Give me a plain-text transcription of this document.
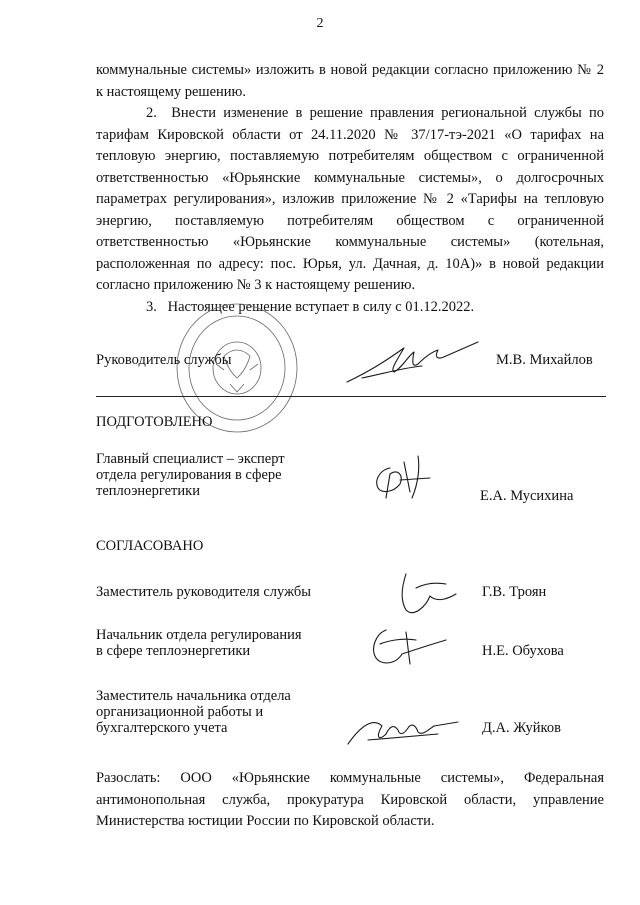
2
коммунальные системы» изложить в новой редакции согласно приложению № 2 к настоящему решению.
2. Внести изменение в решение правления региональной службы по тарифам Кировской области от 24.11.2020 № 37/17-тэ-2021 «О тарифах на тепловую энергию, поставляемую потребителям обществом с ограниченной ответственностью «Юрьянские коммунальные системы», о долгосрочных параметрах регулирования», изложив приложение № 2 «Тарифы на тепловую энергию, поставляемую потребителям обществом с ограниченной ответственностью «Юрьянские коммунальные системы» (котельная, расположенная по адресу: пос. Юрья, ул. Дачная, д. 10А)» в новой редакции согласно приложению № 3 к настоящему решению.
3. Настоящее решение вступает в силу с 01.12.2022.
Руководитель службы	М.В. Михайлов
ПОДГОТОВЛЕНО
Главный специалист – эксперт
отдела регулирования в сфере
теплоэнергетики	Е.А. Мусихина
СОГЛАСОВАНО
Заместитель руководителя службы	Г.В. Троян
Начальник отдела регулирования
в сфере теплоэнергетики	Н.Е. Обухова
Заместитель начальника отдела
организационной работы и
бухгалтерского учета	Д.А. Жуйков
Разослать: ООО «Юрьянские коммунальные системы», Федеральная антимонопольная служба, прокуратура Кировской области, управление Министерства юстиции России по Кировской области.
